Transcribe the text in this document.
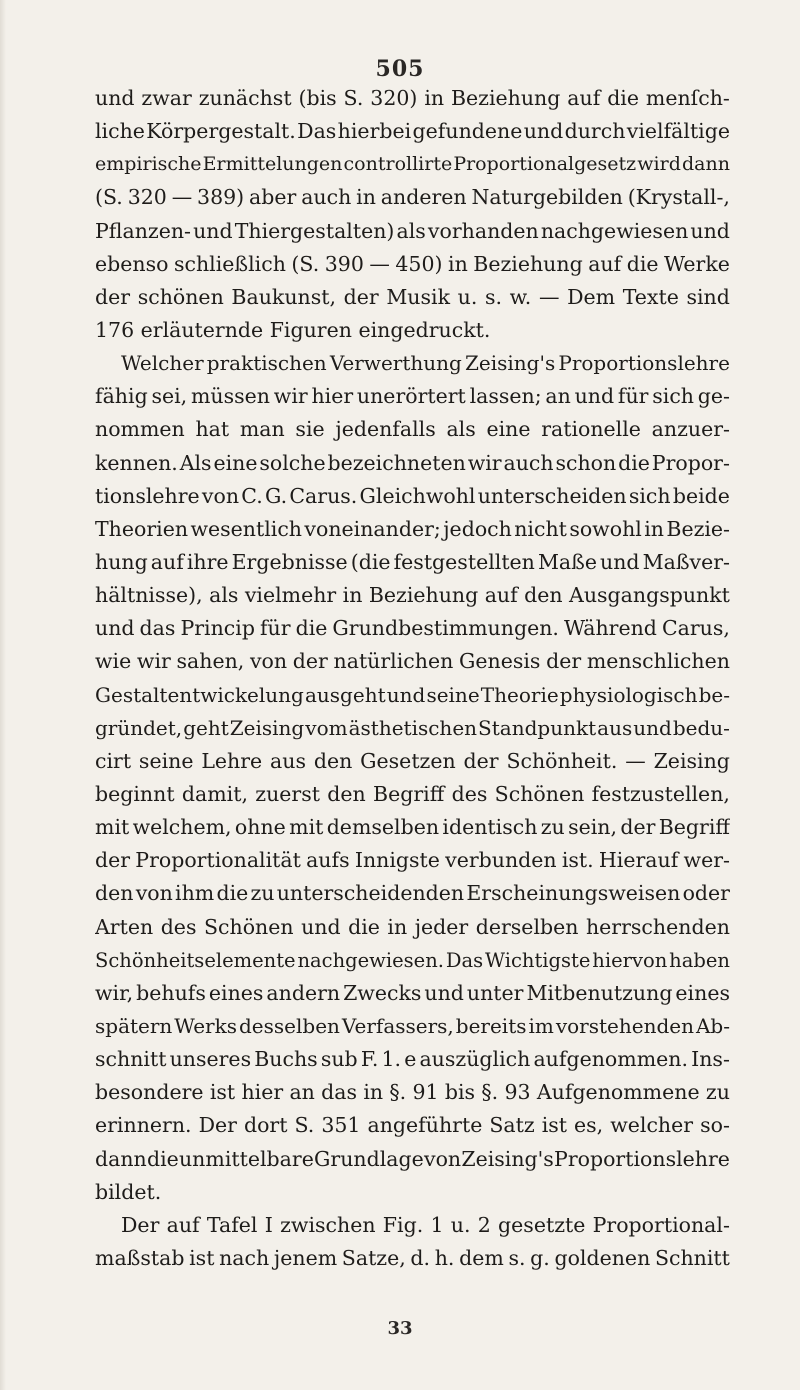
505
und zwar zunächst (bis S. 320) in Beziehung auf die menſch-
liche Körpergestalt. Das hierbei gefundene und durch vielfältige
empirische Ermittelungen controllirte Proportionalgesetz wird dann
(S. 320 — 389) aber auch in anderen Naturgebilden (Krystall-,
Pflanzen- und Thiergestalten) als vorhanden nachgewiesen und
ebenso schließlich (S. 390 — 450) in Beziehung auf die Werke
der schönen Baukunst, der Musik u. s. w. — Dem Texte sind
176 erläuternde Figuren eingedruckt.
Welcher praktischen Verwerthung Zeising's Proportionslehre
fähig sei, müssen wir hier unerörtert lassen; an und für sich ge-
nommen hat man sie jedenfalls als eine rationelle anzuer-
kennen. Als eine solche bezeichneten wir auch schon die Propor-
tionslehre von C. G. Carus. Gleichwohl unterscheiden sich beide
Theorien wesentlich voneinander; jedoch nicht sowohl in Bezie-
hung auf ihre Ergebnisse (die festgestellten Maße und Maßver-
hältnisse), als vielmehr in Beziehung auf den Ausgangspunkt
und das Princip für die Grundbestimmungen. Während Carus,
wie wir sahen, von der natürlichen Genesis der menschlichen
Gestaltentwickelung ausgeht und seine Theorie physiologisch be-
gründet, geht Zeising vom ästhetischen Standpunkt aus und bedu-
cirt seine Lehre aus den Gesetzen der Schönheit. — Zeising
beginnt damit, zuerst den Begriff des Schönen festzustellen,
mit welchem, ohne mit demselben identisch zu sein, der Begriff
der Proportionalität aufs Innigste verbunden ist. Hierauf wer-
den von ihm die zu unterscheidenden Erscheinungsweisen oder
Arten des Schönen und die in jeder derselben herrschenden
Schönheitselemente nachgewiesen. Das Wichtigste hiervon haben
wir, behufs eines andern Zwecks und unter Mitbenutzung eines
spätern Werks desselben Verfassers, bereits im vorstehenden Ab-
schnitt unseres Buchs sub F. 1. e auszüglich aufgenommen. Ins-
besondere ist hier an das in §. 91 bis §. 93 Aufgenommene zu
erinnern. Der dort S. 351 angeführte Satz ist es, welcher so-
dann die unmittelbare Grundlage von Zeising's Proportionslehre
bildet.
Der auf Tafel I zwischen Fig. 1 u. 2 gesetzte Proportional-
maßstab ist nach jenem Satze, d. h. dem s. g. goldenen Schnitt
33
